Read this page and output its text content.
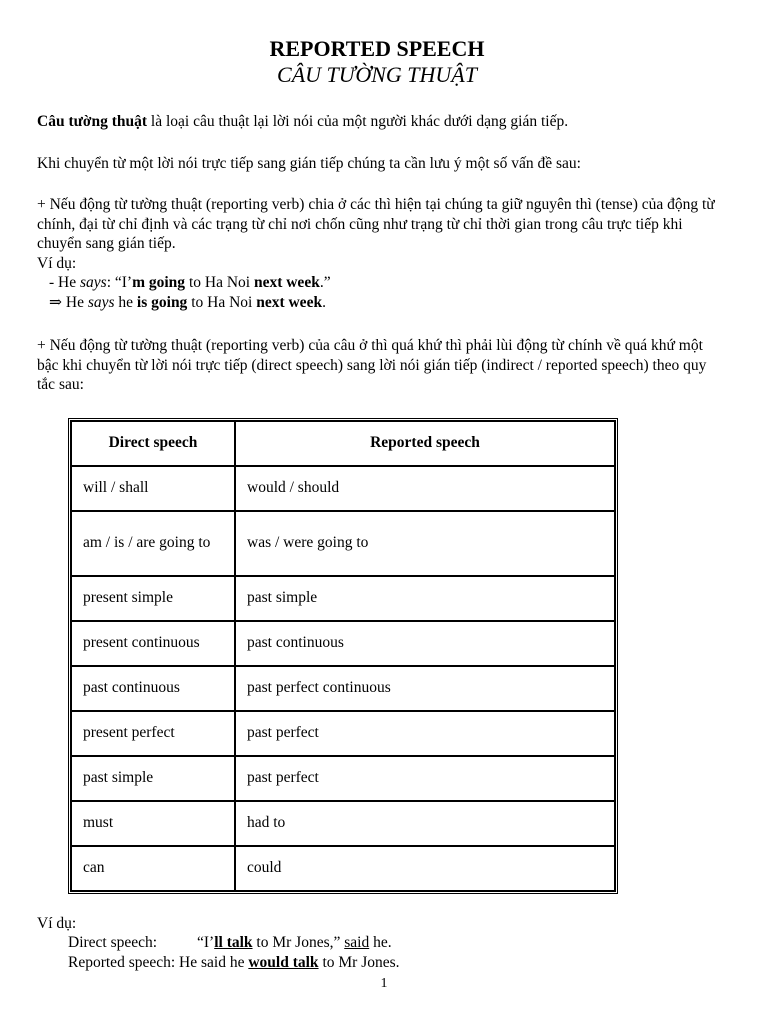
REPORTED SPEECH
CÂU TƯỜNG THUẬT

Câu tường thuật là loại câu thuật lại lời nói của một người khác dưới dạng gián tiếp.

Khi chuyển từ một lời nói trực tiếp sang gián tiếp chúng ta cần lưu ý một số vấn đề sau:

+ Nếu động từ tường thuật (reporting verb) chia ở các thì hiện tại chúng ta giữ nguyên thì (tense) của động từ chính, đại từ chỉ định và các trạng từ chỉ nơi chốn cũng như trạng từ chỉ thời gian trong câu trực tiếp khi chuyển sang gián tiếp.

Ví dụ:

- He says: “I’m going to Ha Noi next week.”

⇒ He says he is going to Ha Noi next week.

+ Nếu động từ tường thuật (reporting verb) của câu ở thì quá khứ thì phải lùi động từ chính về quá khứ một bậc khi chuyển từ lời nói trực tiếp (direct speech) sang lời nói gián tiếp (indirect / reported speech) theo quy tắc sau:

Direct speech	Reported speech
will / shall	would / should
am / is / are going to	was / were going to
present simple	past simple
present continuous	past continuous
past continuous	past perfect continuous
present perfect	past perfect
past simple	past perfect
must	had to
can	could

Ví dụ:

Direct speech:	“I’ll talk to Mr Jones,” said he.

Reported speech: He said he would talk to Mr Jones.

1
